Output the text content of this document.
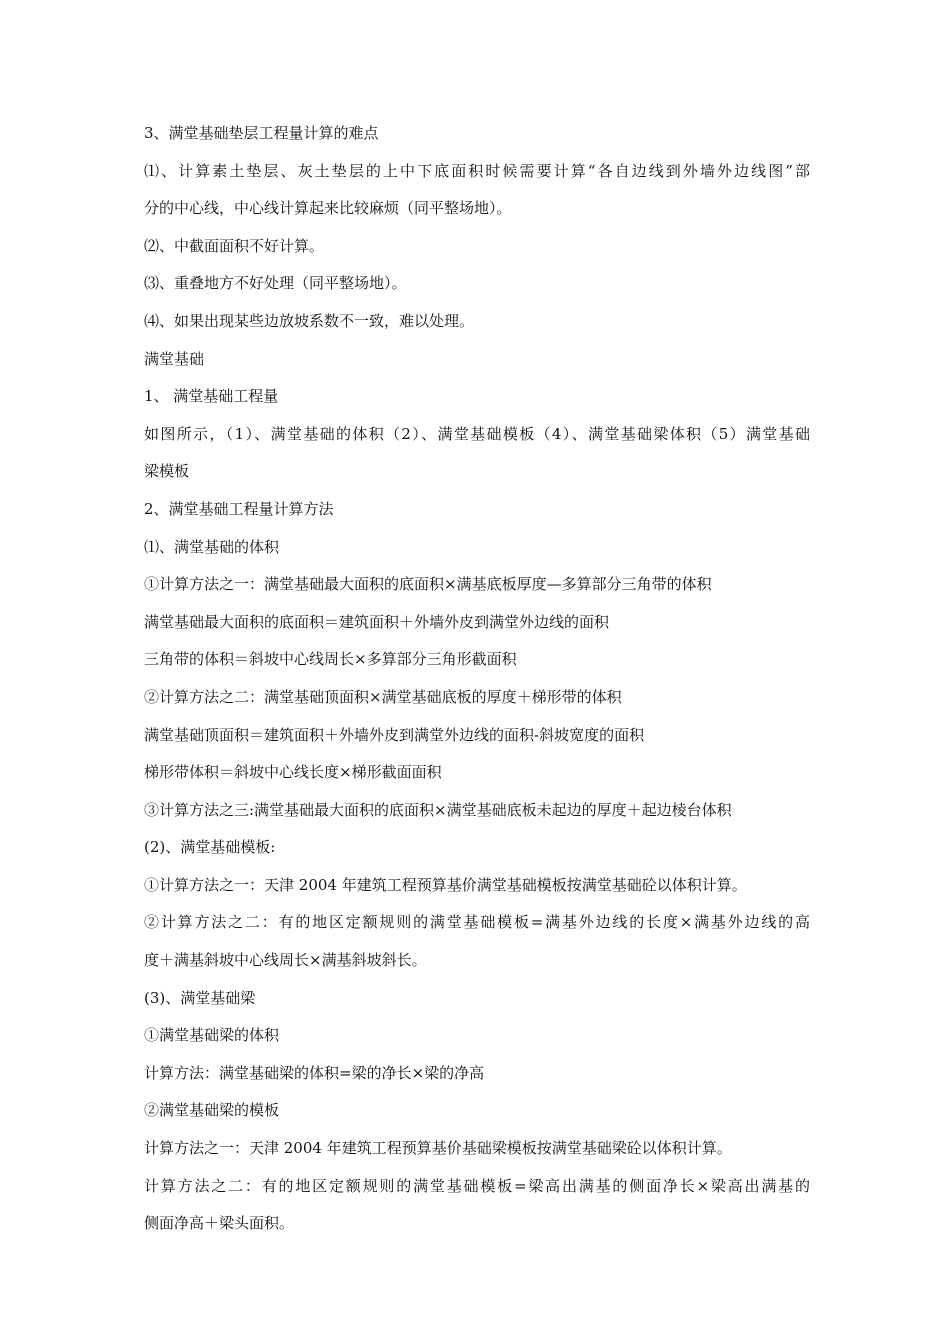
3、满堂基础垫层工程量计算的难点
⑴、计算素土垫层、灰土垫层的上中下底面积时候需要计算“各自边线到外墙外边线图”部
分的中心线，中心线计算起来比较麻烦（同平整场地）。
⑵、中截面面积不好计算。
⑶、重叠地方不好处理（同平整场地）。
⑷、如果出现某些边放坡系数不一致，难以处理。
满堂基础
1、 满堂基础工程量
如图所示，（1）、满堂基础的体积（2）、满堂基础模板（4）、满堂基础梁体积（5）满堂基础
梁模板
2、满堂基础工程量计算方法
⑴、满堂基础的体积
①计算方法之一：满堂基础最大面积的底面积×满基底板厚度—多算部分三角带的体积
满堂基础最大面积的底面积＝建筑面积＋外墙外皮到满堂外边线的面积
三角带的体积＝斜坡中心线周长×多算部分三角形截面积
②计算方法之二：满堂基础顶面积×满堂基础底板的厚度＋梯形带的体积
满堂基础顶面积＝建筑面积＋外墙外皮到满堂外边线的面积-斜坡宽度的面积
梯形带体积＝斜坡中心线长度×梯形截面面积
③计算方法之三:满堂基础最大面积的底面积×满堂基础底板未起边的厚度＋起边棱台体积
(2)、满堂基础模板:
①计算方法之一：天津 2004 年建筑工程预算基价满堂基础模板按满堂基础砼以体积计算。
②计算方法之二：有的地区定额规则的满堂基础模板=满基外边线的长度×满基外边线的高
度＋满基斜坡中心线周长×满基斜坡斜长。
(3)、满堂基础梁
①满堂基础梁的体积
计算方法：满堂基础梁的体积=梁的净长×梁的净高
②满堂基础梁的模板
计算方法之一：天津 2004 年建筑工程预算基价基础梁模板按满堂基础梁砼以体积计算。
计算方法之二：有的地区定额规则的满堂基础模板=梁高出满基的侧面净长×梁高出满基的
侧面净高＋梁头面积。
